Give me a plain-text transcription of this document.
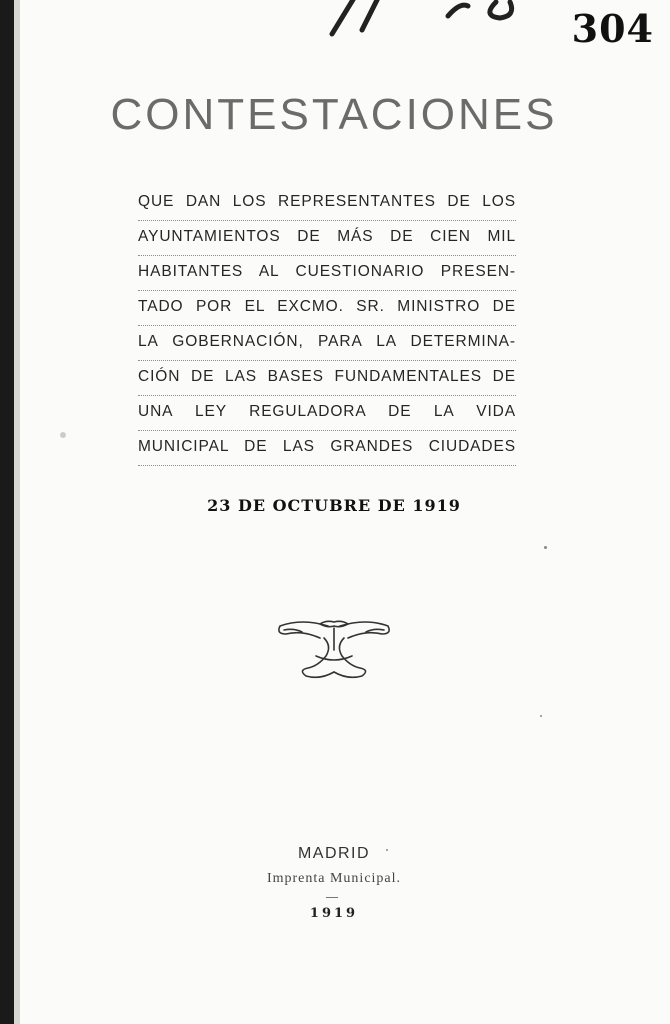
304
CONTESTACIONES
QUE DAN LOS REPRESENTANTES DE LOS
AYUNTAMIENTOS DE MÁS DE CIEN MIL
HABITANTES AL CUESTIONARIO PRESEN-
TADO POR EL EXCMO. SR. MINISTRO DE
LA GOBERNACIÓN, PARA LA DETERMINA-
CIÓN DE LAS BASES FUNDAMENTALES DE
UNA LEY REGULADORA DE LA VIDA
MUNICIPAL DE LAS GRANDES CIUDADES
23 DE OCTUBRE DE 1919
MADRID
Imprenta Municipal.
1919
